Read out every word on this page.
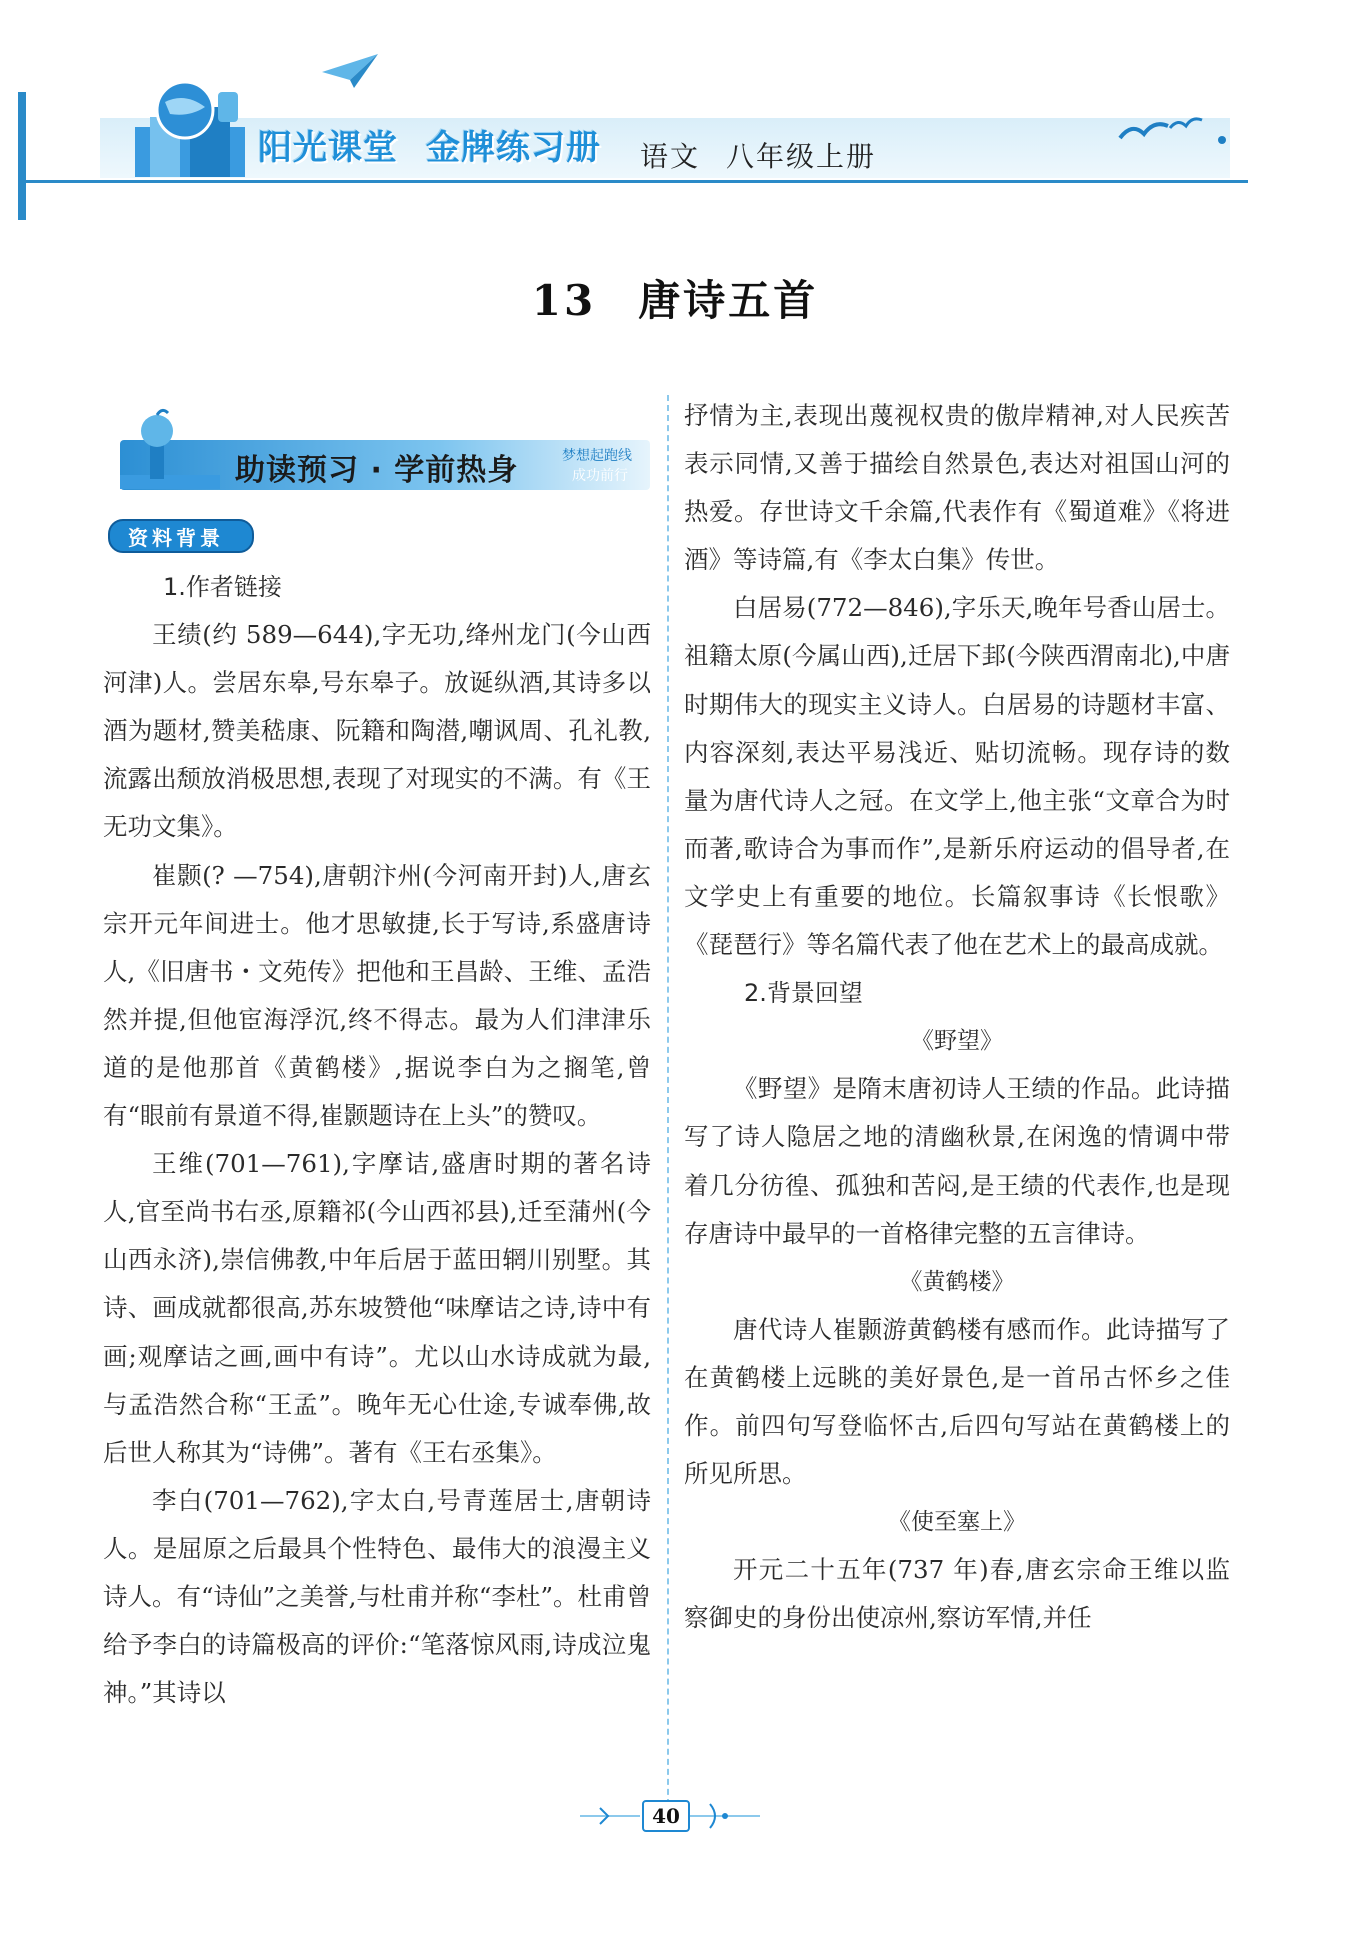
阳光课堂 金牌练习册	语文 八年级上册
13 唐诗五首
助读预习 · 学前热身	梦想起跑线
成功前行
资料背景

1.作者链接

王绩(约 589—644),字无功,绛州龙门(今山西河津)人。尝居东皋,号东皋子。放诞纵酒,其诗多以酒为题材,赞美嵇康、阮籍和陶潜,嘲讽周、孔礼教,流露出颓放消极思想,表现了对现实的不满。有《王无功文集》。

崔颢(? —754),唐朝汴州(今河南开封)人,唐玄宗开元年间进士。他才思敏捷,长于写诗,系盛唐诗人,《旧唐书・文苑传》把他和王昌龄、王维、孟浩然并提,但他宦海浮沉,终不得志。最为人们津津乐道的是他那首《黄鹤楼》,据说李白为之搁笔,曾有“眼前有景道不得,崔颢题诗在上头”的赞叹。

王维(701—761),字摩诘,盛唐时期的著名诗人,官至尚书右丞,原籍祁(今山西祁县),迁至蒲州(今山西永济),崇信佛教,中年后居于蓝田辋川别墅。其诗、画成就都很高,苏东坡赞他“味摩诘之诗,诗中有画;观摩诘之画,画中有诗”。尤以山水诗成就为最,与孟浩然合称“王孟”。晚年无心仕途,专诚奉佛,故后世人称其为“诗佛”。著有《王右丞集》。

李白(701—762),字太白,号青莲居士,唐朝诗人。是屈原之后最具个性特色、最伟大的浪漫主义诗人。有“诗仙”之美誉,与杜甫并称“李杜”。杜甫曾给予李白的诗篇极高的评价:“笔落惊风雨,诗成泣鬼神。”其诗以

抒情为主,表现出蔑视权贵的傲岸精神,对人民疾苦表示同情,又善于描绘自然景色,表达对祖国山河的热爱。存世诗文千余篇,代表作有《蜀道难》《将进酒》等诗篇,有《李太白集》传世。

白居易(772—846),字乐天,晚年号香山居士。祖籍太原(今属山西),迁居下邽(今陕西渭南北),中唐时期伟大的现实主义诗人。白居易的诗题材丰富、内容深刻,表达平易浅近、贴切流畅。现存诗的数量为唐代诗人之冠。在文学上,他主张“文章合为时而著,歌诗合为事而作”,是新乐府运动的倡导者,在文学史上有重要的地位。长篇叙事诗《长恨歌》《琵琶行》等名篇代表了他在艺术上的最高成就。

2.背景回望

《野望》

《野望》是隋末唐初诗人王绩的作品。此诗描写了诗人隐居之地的清幽秋景,在闲逸的情调中带着几分彷徨、孤独和苦闷,是王绩的代表作,也是现存唐诗中最早的一首格律完整的五言律诗。

《黄鹤楼》

唐代诗人崔颢游黄鹤楼有感而作。此诗描写了在黄鹤楼上远眺的美好景色,是一首吊古怀乡之佳作。前四句写登临怀古,后四句写站在黄鹤楼上的所见所思。

《使至塞上》

开元二十五年(737 年)春,唐玄宗命王维以监察御史的身份出使凉州,察访军情,并任

40
